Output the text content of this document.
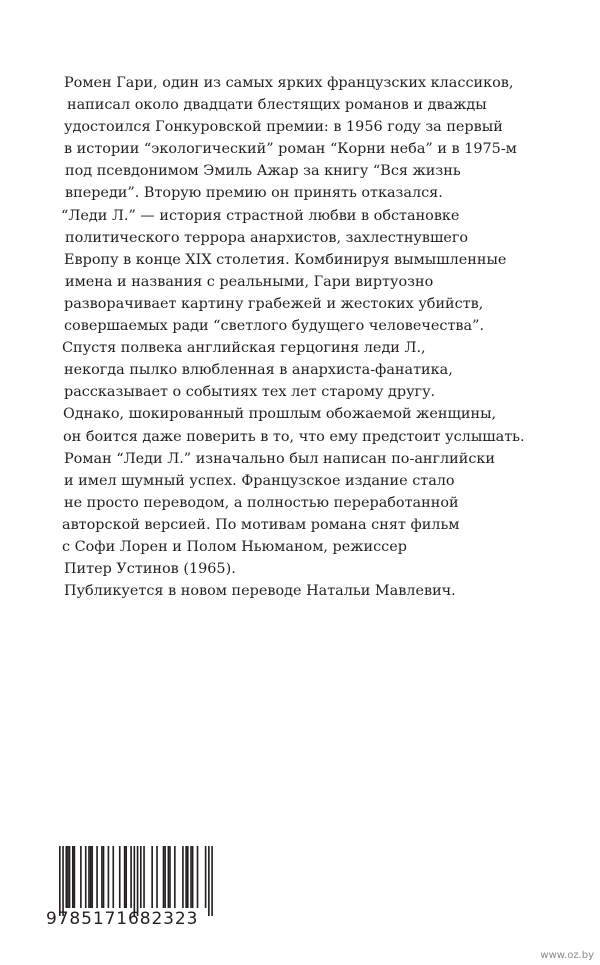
Ромен Гари, один из самых ярких французских классиков,
написал около двадцати блестящих романов и дважды
удостоился Гонкуровской премии: в 1956 году за первый
в истории “экологический” роман “Корни неба” и в 1975-м
под псевдонимом Эмиль Ажар за книгу “Вся жизнь
впереди”. Вторую премию он принять отказался.
“Леди Л.” — история страстной любви в обстановке
политического террора анархистов, захлестнувшего
Европу в конце XIX столетия. Комбинируя вымышленные
имена и названия с реальными, Гари виртуозно
разворачивает картину грабежей и жестоких убийств,
совершаемых ради “светлого будущего человечества”.
Спустя полвека английская герцогиня леди Л.,
некогда пылко влюбленная в анархиста-фанатика,
рассказывает о событиях тех лет старому другу.
Однако, шокированный прошлым обожаемой женщины,
он боится даже поверить в то, что ему предстоит услышать.
Роман “Леди Л.” изначально был написан по-английски
и имел шумный успех. Французское издание стало
не просто переводом, а полностью переработанной
авторской версией. По мотивам романа снят фильм
с Софи Лорен и Полом Ньюманом, режиссер
Питер Устинов (1965).
Публикуется в новом переводе Натальи Мавлевич.
9785171682323
www.oz.by
